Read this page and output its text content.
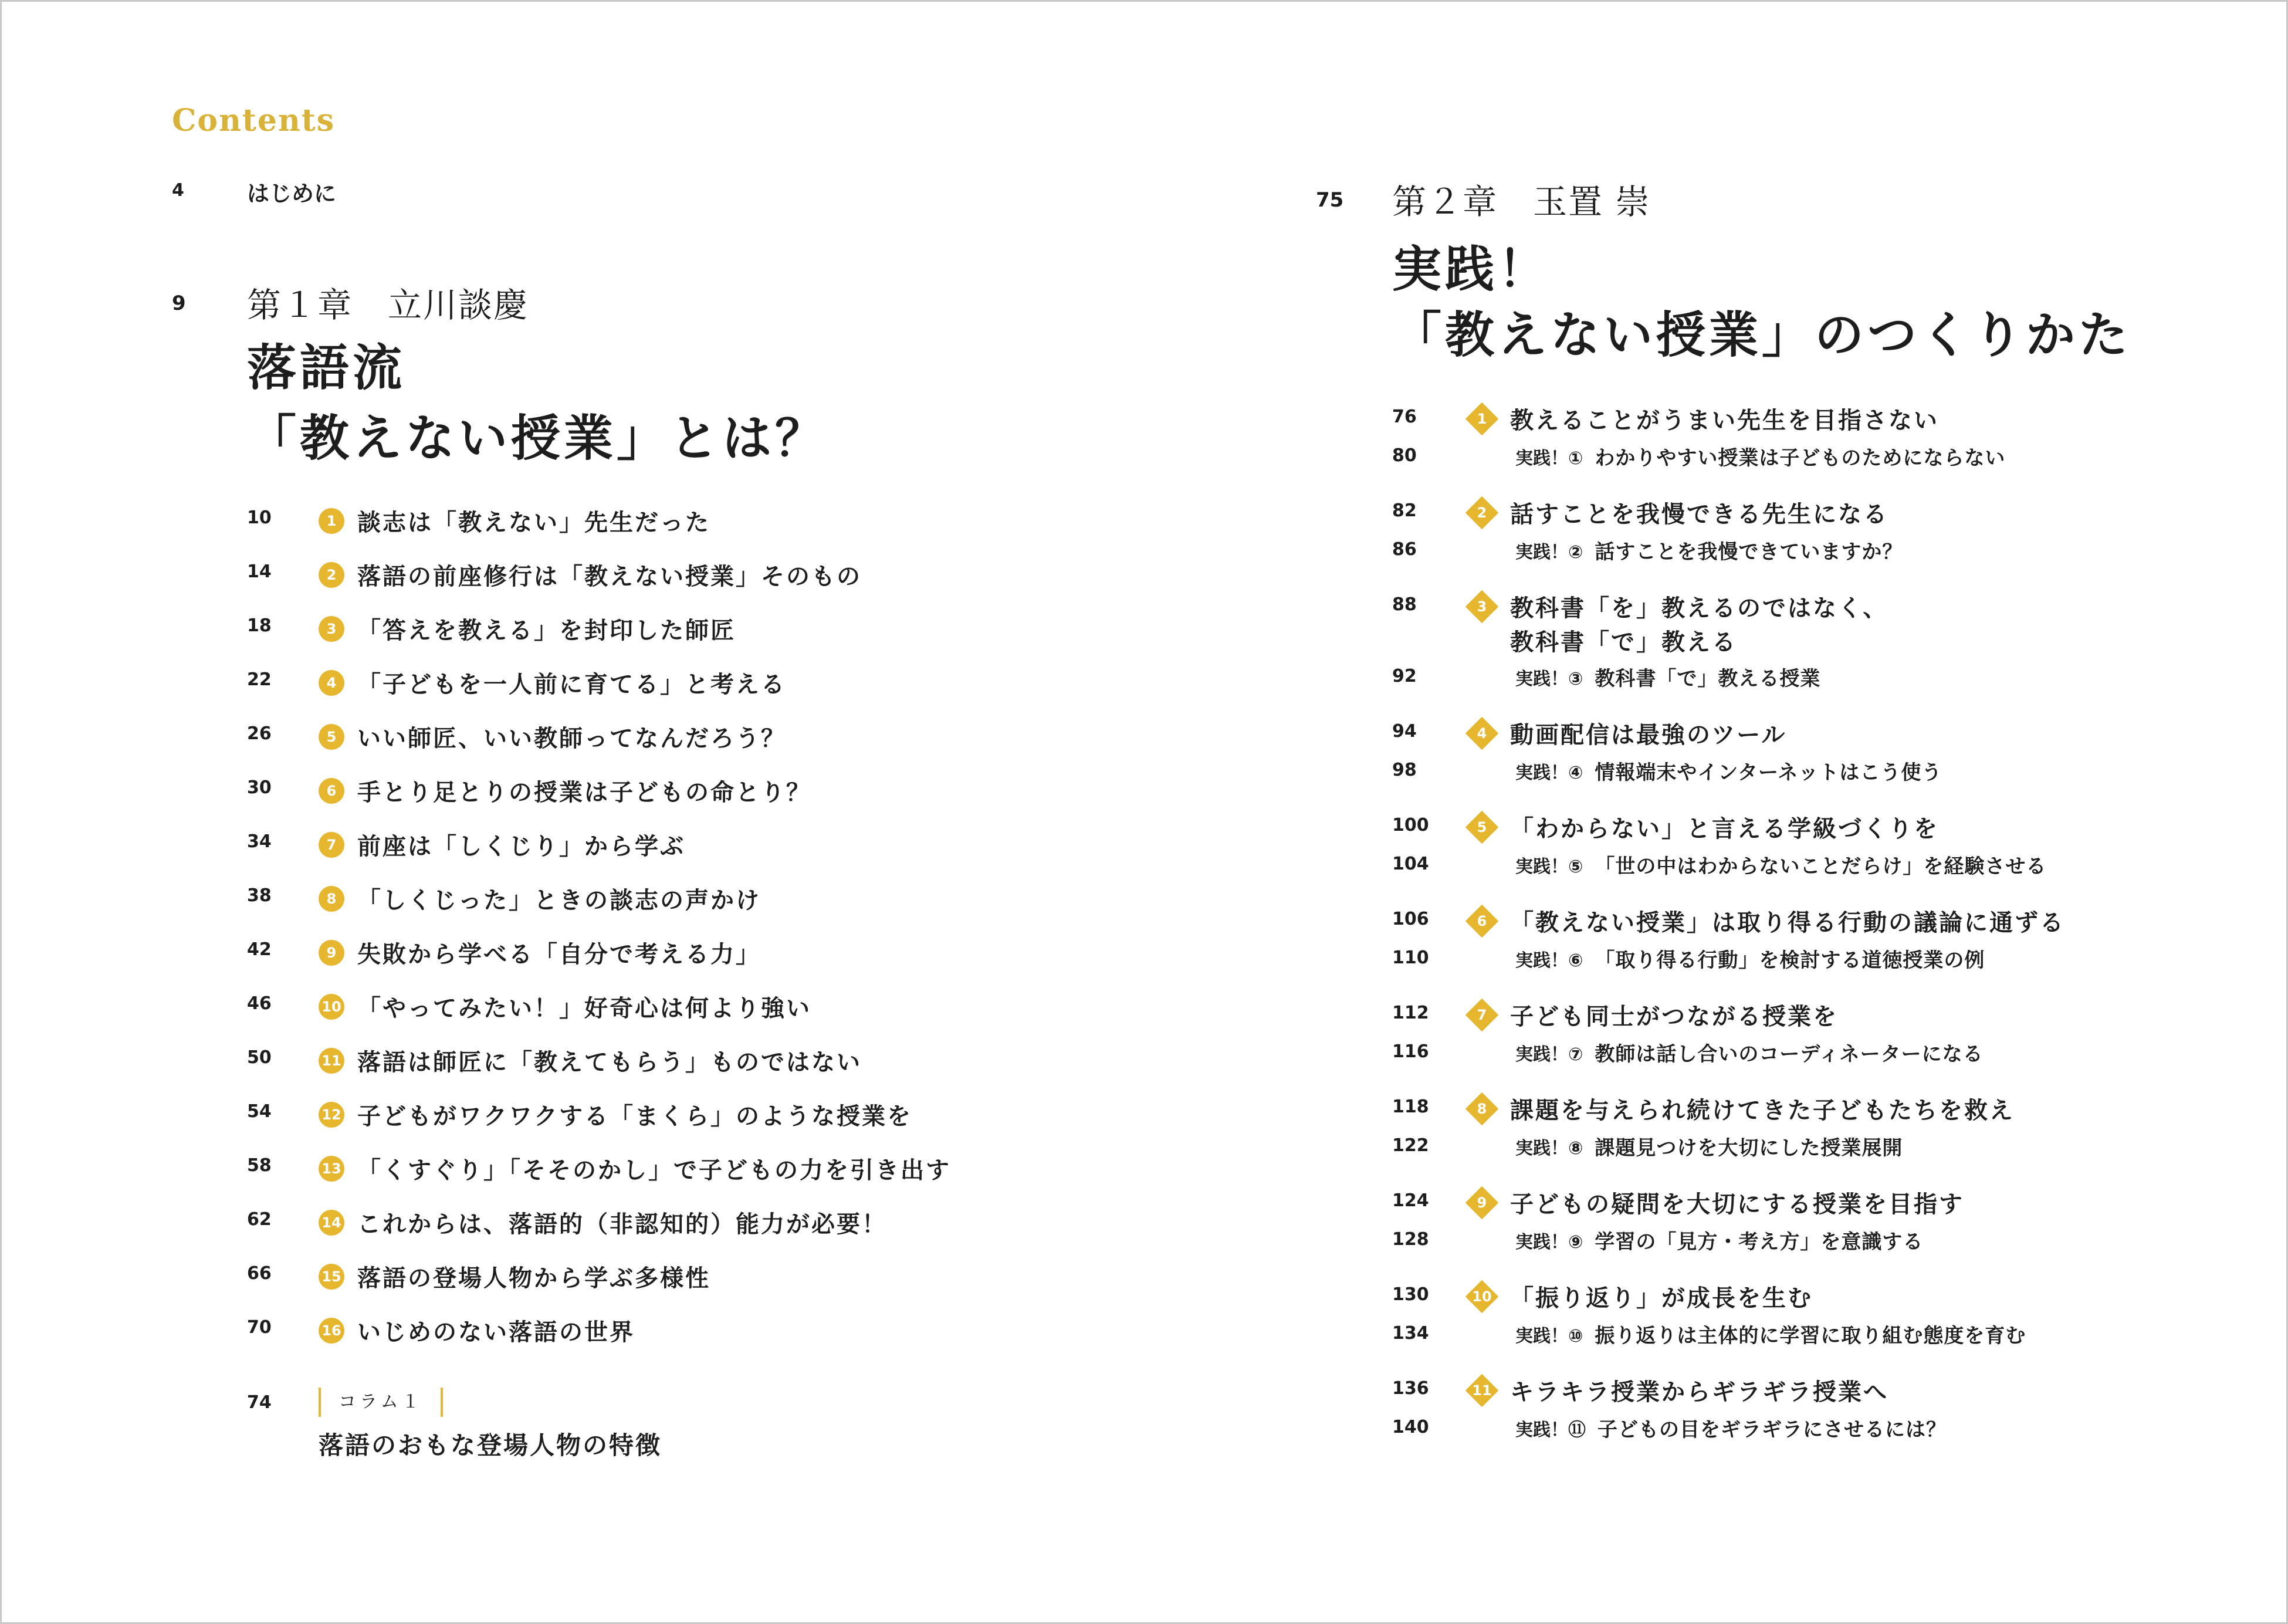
Contents
4	はじめに
9 第１章　立川談慶
落語流
「教えない授業」とは？
10	1 談志は「教えない」先生だった
14	2 落語の前座修行は「教えない授業」そのもの
18	3 「答えを教える」を封印した師匠
22	4 「子どもを一人前に育てる」と考える
26	5 いい師匠、いい教師ってなんだろう？
30	6 手とり足とりの授業は子どもの命とり？
34	7 前座は「しくじり」から学ぶ
38	8 「しくじった」ときの談志の声かけ
42	9 失敗から学べる「自分で考える力」
46	10 「やってみたい！」好奇心は何より強い
50	11 落語は師匠に「教えてもらう」ものではない
54	12 子どもがワクワクする「まくら」のような授業を
58	13 「くすぐり」「そそのかし」で子どもの力を引き出す
62	14 これからは、落語的（非認知的）能力が必要！
66	15 落語の登場人物から学ぶ多様性
70	16 いじめのない落語の世界
74	コラム１
落語のおもな登場人物の特徴
75 第２章　玉置 崇
実践！
「教えない授業」のつくりかた
76	1 教えることがうまい先生を目指さない
80	実践！① わかりやすい授業は子どものためにならない
82	2 話すことを我慢できる先生になる
86	実践！② 話すことを我慢できていますか？
88	3 教科書「を」教えるのではなく、
教科書「で」教える
92	実践！③ 教科書「で」教える授業
94	4 動画配信は最強のツール
98	実践！④ 情報端末やインターネットはこう使う
100	5 「わからない」と言える学級づくりを
104	実践！⑤ 「世の中はわからないことだらけ」を経験させる
106	6 「教えない授業」は取り得る行動の議論に通ずる
110	実践！⑥ 「取り得る行動」を検討する道徳授業の例
112	7 子ども同士がつながる授業を
116	実践！⑦ 教師は話し合いのコーディネーターになる
118	8 課題を与えられ続けてきた子どもたちを救え
122	実践！⑧ 課題見つけを大切にした授業展開
124	9 子どもの疑問を大切にする授業を目指す
128	実践！⑨ 学習の「見方・考え方」を意識する
130	10 「振り返り」が成長を生む
134	実践！⑩ 振り返りは主体的に学習に取り組む態度を育む
136	11 キラキラ授業からギラギラ授業へ
140	実践！⑪ 子どもの目をギラギラにさせるには？
